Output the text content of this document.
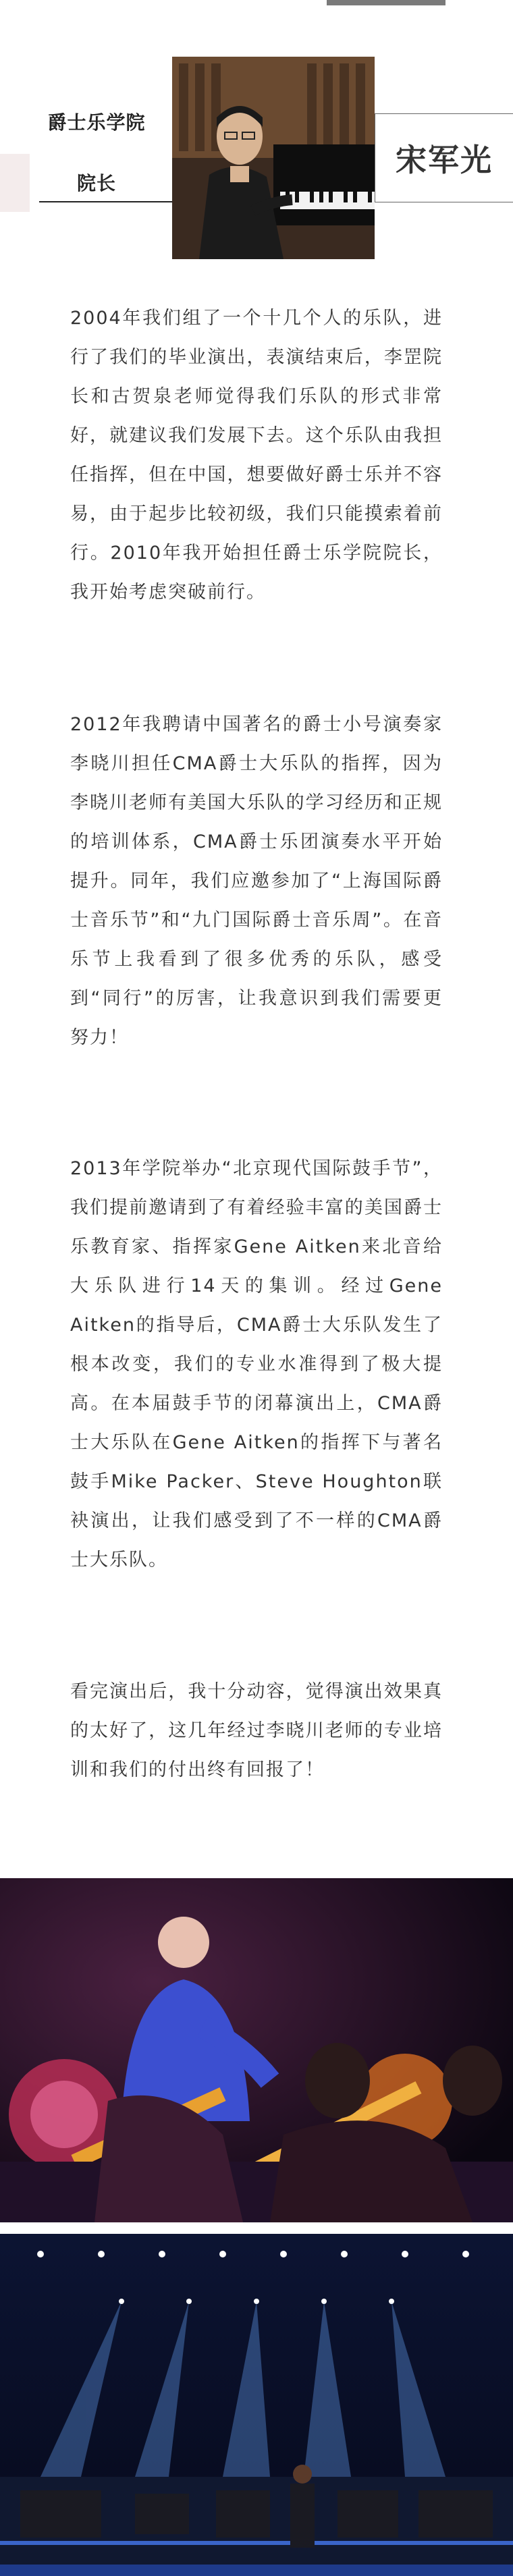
爵士乐学院
院长
宋军光

2004年我们组了一个十几个人的乐队，进行了我们的毕业演出，表演结束后，李罡院长和古贺泉老师觉得我们乐队的形式非常好，就建议我们发展下去。这个乐队由我担任指挥，但在中国，想要做好爵士乐并不容易，由于起步比较初级，我们只能摸索着前行。2010年我开始担任爵士乐学院院长，我开始考虑突破前行。

2012年我聘请中国著名的爵士小号演奏家李晓川担任CMA爵士大乐队的指挥，因为李晓川老师有美国大乐队的学习经历和正规的培训体系，CMA爵士乐团演奏水平开始提升。同年，我们应邀参加了“上海国际爵士音乐节”和“九门国际爵士音乐周”。在音乐节上我看到了很多优秀的乐队，感受到“同行”的厉害，让我意识到我们需要更努力！

2013年学院举办“北京现代国际鼓手节”，我们提前邀请到了有着经验丰富的美国爵士乐教育家、指挥家Gene Aitken来北音给大乐队进行14天的集训。经过Gene Aitken的指导后，CMA爵士大乐队发生了根本改变，我们的专业水准得到了极大提高。在本届鼓手节的闭幕演出上，CMA爵士大乐队在Gene Aitken的指挥下与著名鼓手Mike Packer、Steve Houghton联袂演出，让我们感受到了不一样的CMA爵士大乐队。

看完演出后，我十分动容，觉得演出效果真的太好了，这几年经过李晓川老师的专业培训和我们的付出终有回报了！
